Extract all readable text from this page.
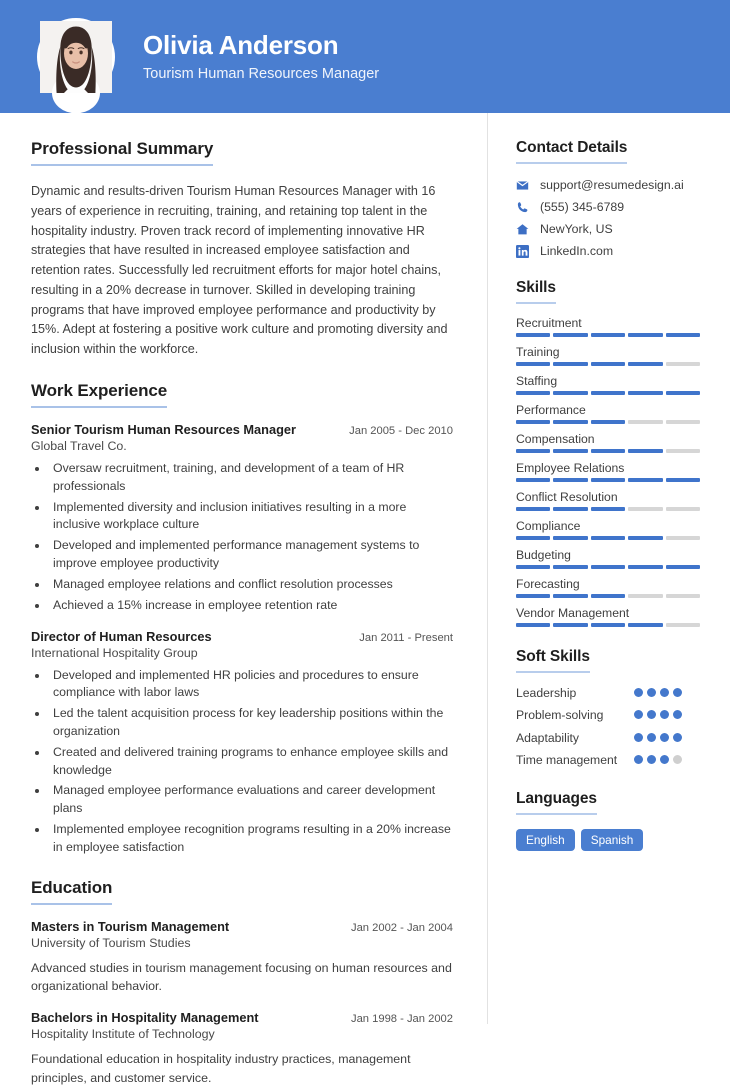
Olivia Anderson
Tourism Human Resources Manager
Professional Summary
Dynamic and results-driven Tourism Human Resources Manager with 16 years of experience in recruiting, training, and retaining top talent in the hospitality industry. Proven track record of implementing innovative HR strategies that have resulted in increased employee satisfaction and retention rates. Successfully led recruitment efforts for major hotel chains, resulting in a 20% decrease in turnover. Skilled in developing training programs that have improved employee performance and productivity by 15%. Adept at fostering a positive work culture and promoting diversity and inclusion within the workforce.
Work Experience
Senior Tourism Human Resources Manager	Jan 2005 - Dec 2010
Global Travel Co.
• Oversaw recruitment, training, and development of a team of HR professionals
• Implemented diversity and inclusion initiatives resulting in a more inclusive workplace culture
• Developed and implemented performance management systems to improve employee productivity
• Managed employee relations and conflict resolution processes
• Achieved a 15% increase in employee retention rate
Director of Human Resources	Jan 2011 - Present
International Hospitality Group
• Developed and implemented HR policies and procedures to ensure compliance with labor laws
• Led the talent acquisition process for key leadership positions within the organization
• Created and delivered training programs to enhance employee skills and knowledge
• Managed employee performance evaluations and career development plans
• Implemented employee recognition programs resulting in a 20% increase in employee satisfaction
Education
Masters in Tourism Management	Jan 2002 - Jan 2004
University of Tourism Studies
Advanced studies in tourism management focusing on human resources and organizational behavior.
Bachelors in Hospitality Management	Jan 1998 - Jan 2002
Hospitality Institute of Technology
Foundational education in hospitality industry practices, management principles, and customer service.
Contact Details
support@resumedesign.ai
(555) 345-6789
NewYork, US
LinkedIn.com
Skills
Recruitment
Training
Staffing
Performance
Compensation
Employee Relations
Conflict Resolution
Compliance
Budgeting
Forecasting
Vendor Management
Soft Skills
Leadership
Problem-solving
Adaptability
Time management
Languages
English	Spanish
